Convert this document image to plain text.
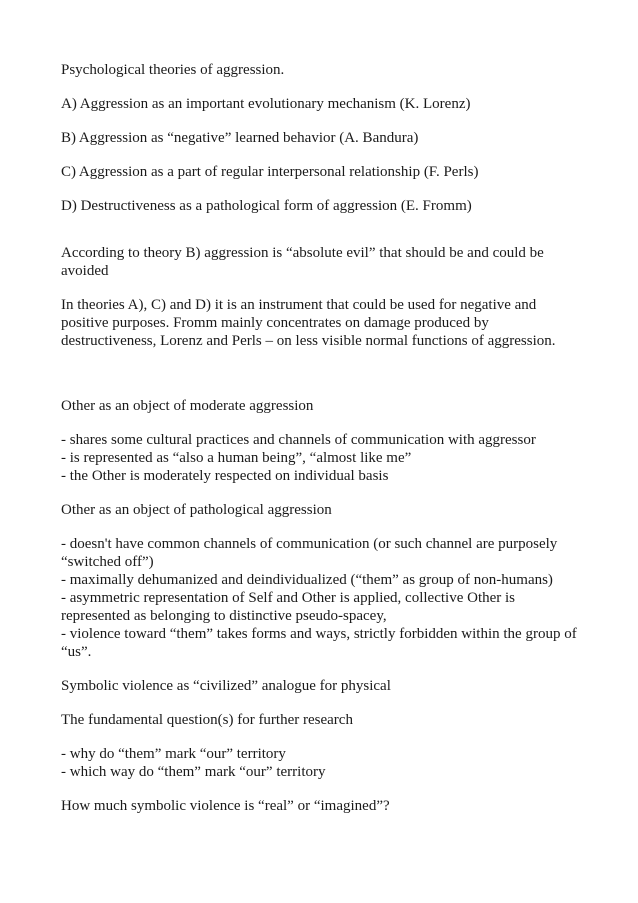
Psychological theories of aggression.

A) Aggression as an important evolutionary mechanism (K. Lorenz)

B) Aggression as “negative” learned behavior (A. Bandura)

C) Aggression as a part of regular interpersonal relationship (F. Perls)

D) Destructiveness as a pathological form of aggression (E. Fromm)

According to theory B) aggression is “absolute evil” that should be and could be
avoided

In theories A), C) and D) it is an instrument that could be used for negative and
positive purposes. Fromm mainly concentrates on damage produced by
destructiveness, Lorenz and Perls – on less visible normal functions of aggression.

Other as an object of moderate aggression

- shares some cultural practices and channels of communication with aggressor
- is represented as “also a human being”, “almost like me”
- the Other is moderately respected on individual basis

Other as an object of pathological aggression

- doesn't have common channels of communication (or such channel are purposely
“switched off”)
- maximally dehumanized and deindividualized (“them” as group of non-humans)
- asymmetric representation of Self and Other is applied, collective Other is
represented as belonging to distinctive pseudo-spacey,
- violence toward “them” takes forms and ways, strictly forbidden within the group of
“us”.

Symbolic violence as “civilized” analogue for physical

The fundamental question(s) for further research

- why do “them” mark “our” territory
- which way do “them” mark “our” territory

How much symbolic violence is “real” or “imagined”?
